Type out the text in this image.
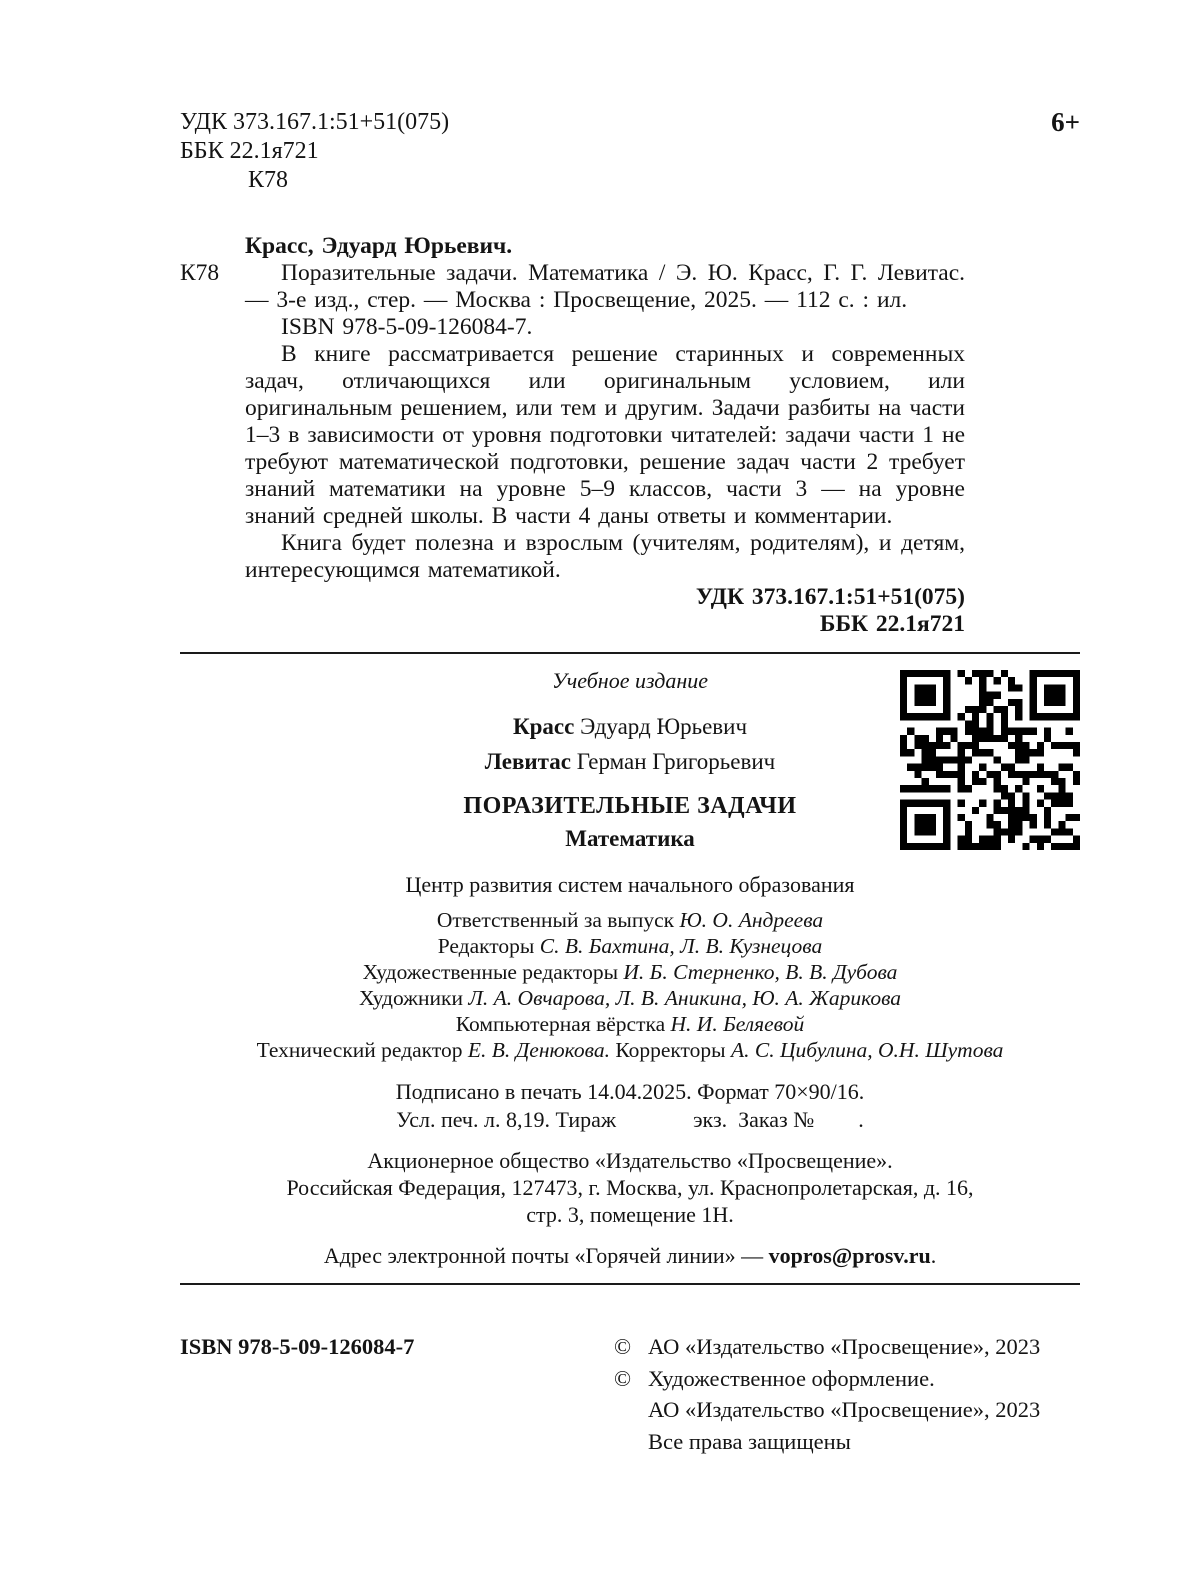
УДК 373.167.1:51+51(075)
ББК 22.1я721
К78
6+
Красс, Эдуард Юрьевич.

К78	Поразительные задачи. Математика / Э. Ю. Красс, Г. Г. Левитас. — 3-е изд., стер. — Москва : Просвещение, 2025. — 112 с. : ил.

ISBN 978-5-09-126084-7.

В книге рассматривается решение старинных и современных задач, отличающихся или оригинальным условием, или оригинальным решением, или тем и другим. Задачи разбиты на части 1–3 в зависимости от уровня подготовки читателей: задачи части 1 не требуют математической подготовки, решение задач части 2 требует знаний математики на уровне 5–9 классов, части 3 — на уровне знаний средней школы. В части 4 даны ответы и комментарии.

Книга будет полезна и взрослым (учителям, родителям), и детям, интересующимся математикой.

УДК 373.167.1:51+51(075)
ББК 22.1я721
Учебное издание
Красс Эдуард Юрьевич
Левитас Герман Григорьевич
ПОРАЗИТЕЛЬНЫЕ ЗАДАЧИ
Математика
Центр развития систем начального образования
Ответственный за выпуск Ю. О. Андреева
Редакторы С. В. Бахтина, Л. В. Кузнецова
Художественные редакторы И. Б. Стерненко, В. В. Дубова
Художники Л. А. Овчарова, Л. В. Аникина, Ю. А. Жарикова
Компьютерная вёрстка Н. И. Беляевой
Технический редактор Е. В. Денюкова. Корректоры А. С. Цибулина, О.Н. Шутова
Подписано в печать 14.04.2025. Формат 70×90/16.
Усл. печ. л. 8,19. Тираж              экз.  Заказ №        .
Акционерное общество «Издательство «Просвещение».
Российская Федерация, 127473, г. Москва, ул. Краснопролетарская, д. 16,
стр. 3, помещение 1Н.
Адрес электронной почты «Горячей линии» — vopros@prosv.ru.
ISBN 978-5-09-126084-7	© АО «Издательство «Просвещение», 2023
© Художественное оформление.
АО «Издательство «Просвещение», 2023
Все права защищены
